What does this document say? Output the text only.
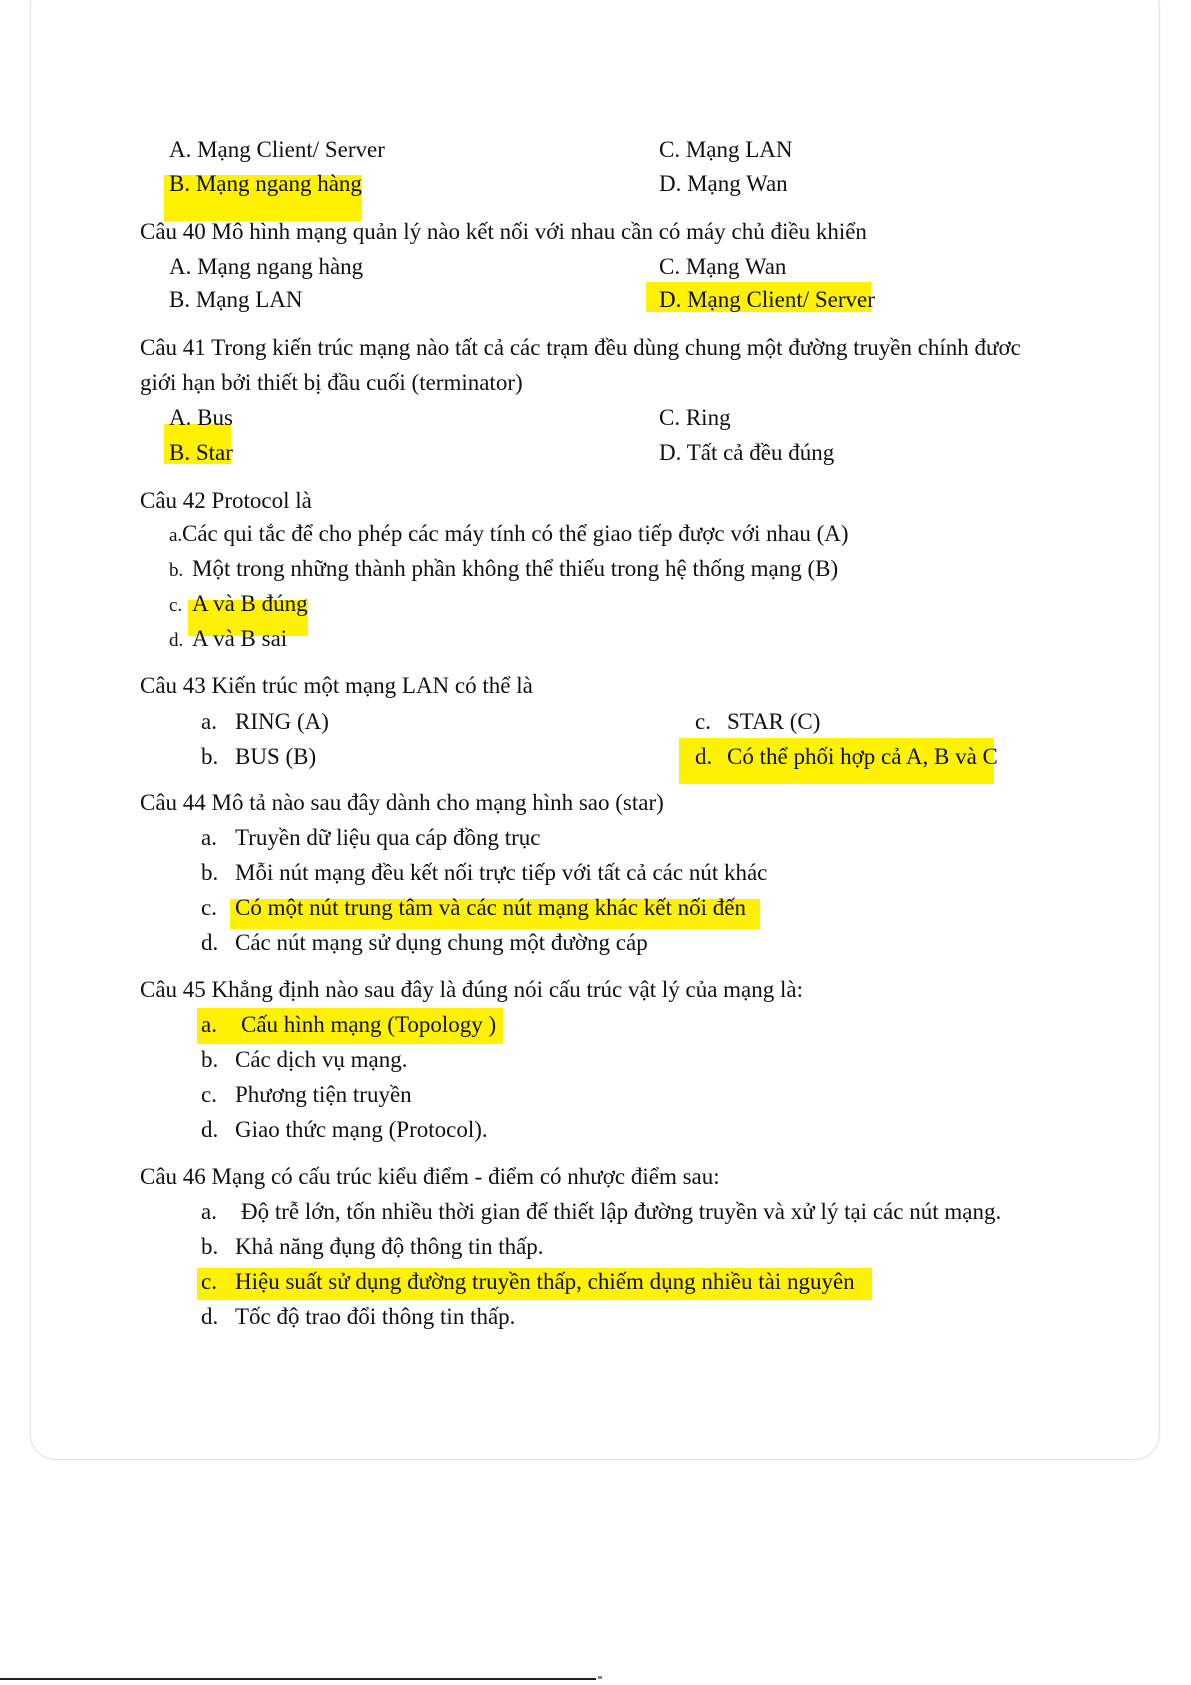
A. Mạng Client/ Server	C. Mạng LAN
B. Mạng ngang hàng	D. Mạng Wan
Câu 40 Mô hình mạng quản lý nào kết nối với nhau cần có máy chủ điều khiển
A. Mạng ngang hàng	C. Mạng Wan
B. Mạng LAN	D. Mạng Client/ Server
Câu 41 Trong kiến trúc mạng nào tất cả các trạm đều dùng chung một đường truyền chính đươc
giới hạn bởi thiết bị đầu cuối (terminator)
A. Bus	C. Ring
B. Star	D. Tất cả đều đúng
Câu 42 Protocol là
a. Các qui tắc để cho phép các máy tính có thể giao tiếp được với nhau (A)
b. Một trong những thành phần không thể thiếu trong hệ thống mạng (B)
c. A và B đúng
d. A và B sai
Câu 43 Kiến trúc một mạng LAN có thể là
a. RING (A)	c. STAR (C)
b. BUS (B)	d. Có thể phối hợp cả A, B và C
Câu 44 Mô tả nào sau đây dành cho mạng hình sao (star)
a. Truyền dữ liệu qua cáp đồng trục
b. Mỗi nút mạng đều kết nối trực tiếp với tất cả các nút khác
c. Có một nút trung tâm và các nút mạng khác kết nối đến
d. Các nút mạng sử dụng chung một đường cáp
Câu 45 Khẳng định nào sau đây là đúng nói cấu trúc vật lý của mạng là:
a. Cấu hình mạng (Topology )
b. Các dịch vụ mạng.
c. Phương tiện truyền
d. Giao thức mạng (Protocol).
Câu 46 Mạng có cấu trúc kiểu điểm - điểm có nhược điểm sau:
a. Độ trễ lớn, tốn nhiều thời gian để thiết lập đường truyền và xử lý tại các nút mạng.
b. Khả năng đụng độ thông tin thấp.
c. Hiệu suất sử dụng đường truyền thấp, chiếm dụng nhiều tài nguyên
d. Tốc độ trao đổi thông tin thấp.
